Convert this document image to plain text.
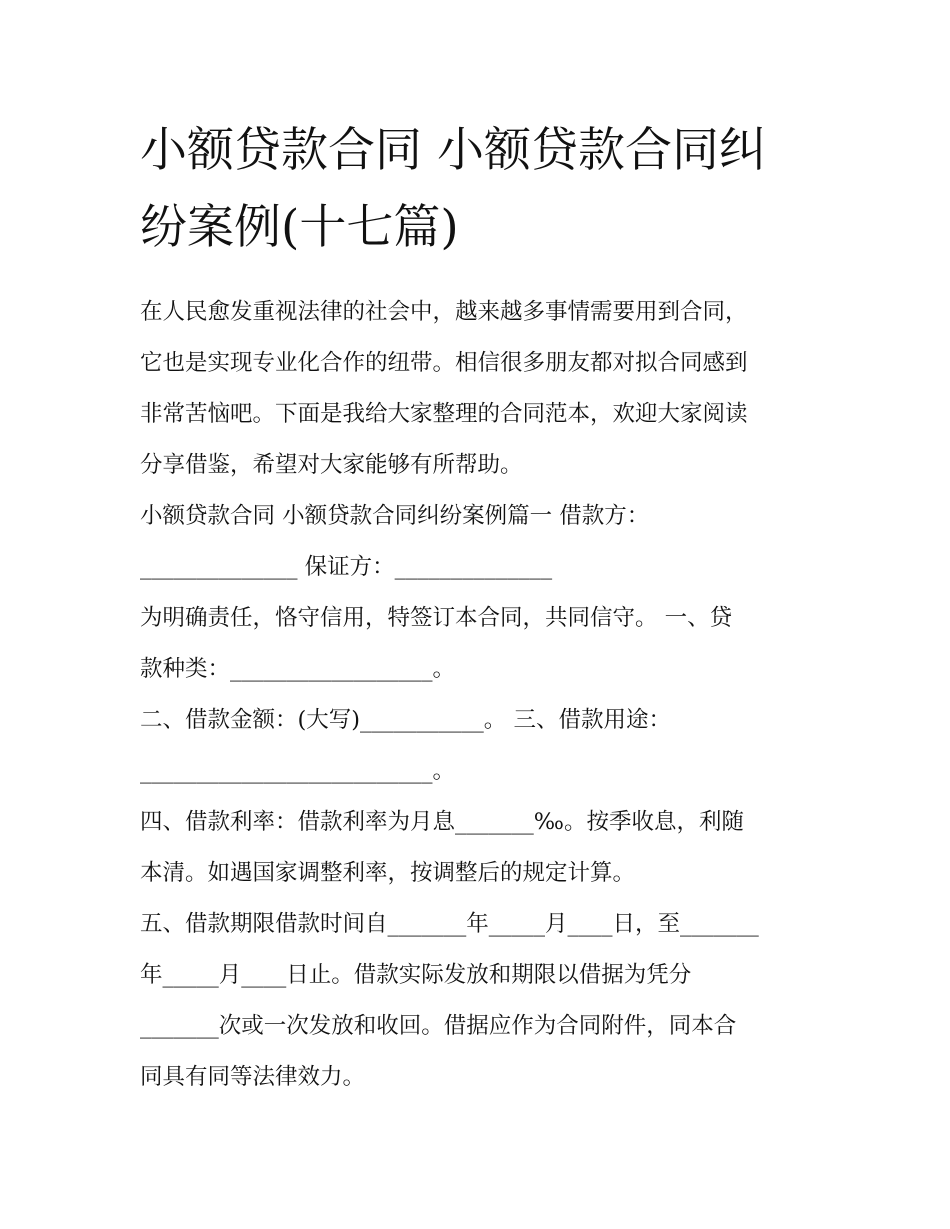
小额贷款合同 小额贷款合同纠
纷案例(十七篇)
在人民愈发重视法律的社会中，越来越多事情需要用到合同，
它也是实现专业化合作的纽带。相信很多朋友都对拟合同感到
非常苦恼吧。下面是我给大家整理的合同范本，欢迎大家阅读
分享借鉴，希望对大家能够有所帮助。
小额贷款合同 小额贷款合同纠纷案例篇一 借款方：
______________ 保证方：______________
为明确责任，恪守信用，特签订本合同，共同信守。 一、贷
款种类：__________________。
二、借款金额：(大写)___________。 三、借款用途：
__________________________。
四、借款利率：借款利率为月息_______‰。按季收息，利随
本清。如遇国家调整利率，按调整后的规定计算。
五、借款期限借款时间自_______年_____月____日，至_______
年_____月____日止。借款实际发放和期限以借据为凭分
_______次或一次发放和收回。借据应作为合同附件，同本合
同具有同等法律效力。
